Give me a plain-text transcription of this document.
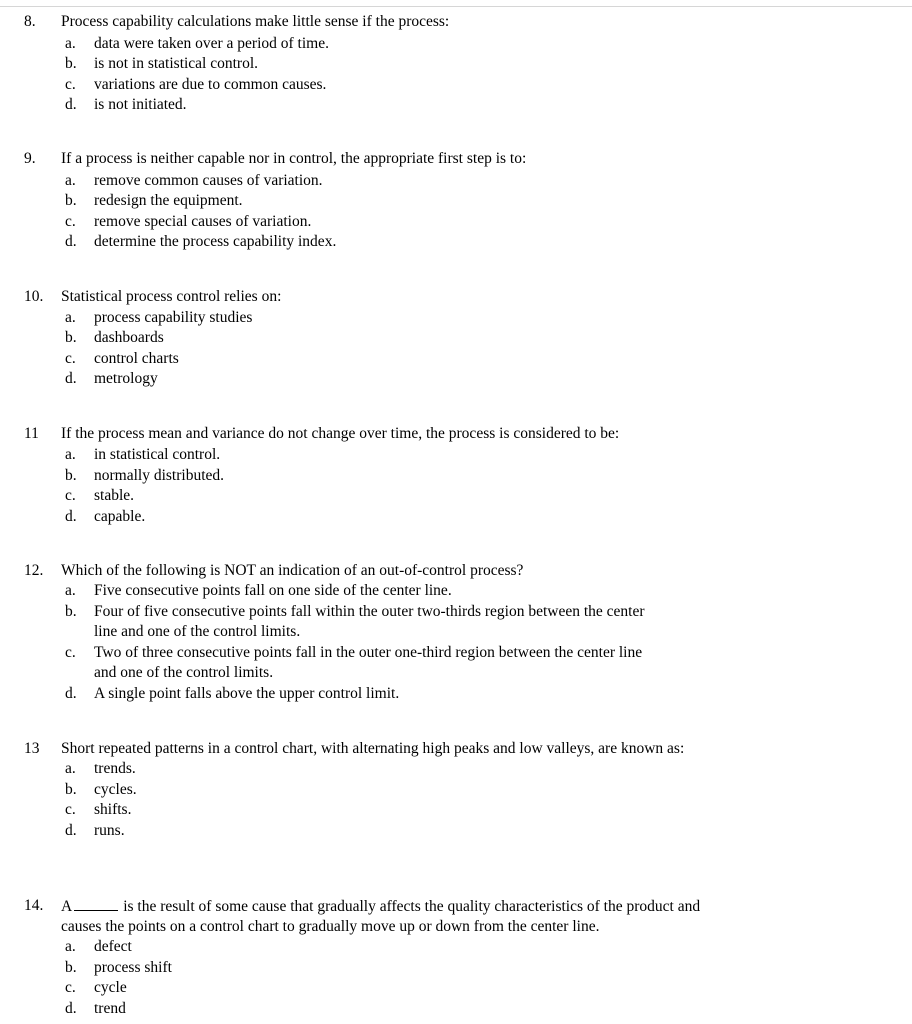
8.	Process capability calculations make little sense if the process:
a.	data were taken over a period of time.
b.	is not in statistical control.
c.	variations are due to common causes.
d.	is not initiated.
9.	If a process is neither capable nor in control, the appropriate first step is to:
a.	remove common causes of variation.
b.	redesign the equipment.
c.	remove special causes of variation.
d.	determine the process capability index.
10.	Statistical process control relies on:
a.	process capability studies
b.	dashboards
c.	control charts
d.	metrology
11	If the process mean and variance do not change over time, the process is considered to be:
a.	in statistical control.
b.	normally distributed.
c.	stable.
d.	capable.
12.	Which of the following is NOT an indication of an out-of-control process?
a.	Five consecutive points fall on one side of the center line.
b.	Four of five consecutive points fall within the outer two-thirds region between the center
line and one of the control limits.
c.	Two of three consecutive points fall in the outer one-third region between the center line
and one of the control limits.
d.	A single point falls above the upper control limit.
13	Short repeated patterns in a control chart, with alternating high peaks and low valleys, are known as:
a.	trends.
b.	cycles.
c.	shifts.
d.	runs.
14.	A	is the result of some cause that gradually affects the quality characteristics of the product and
causes the points on a control chart to gradually move up or down from the center line.
a.	defect
b.	process shift
c.	cycle
d.	trend
